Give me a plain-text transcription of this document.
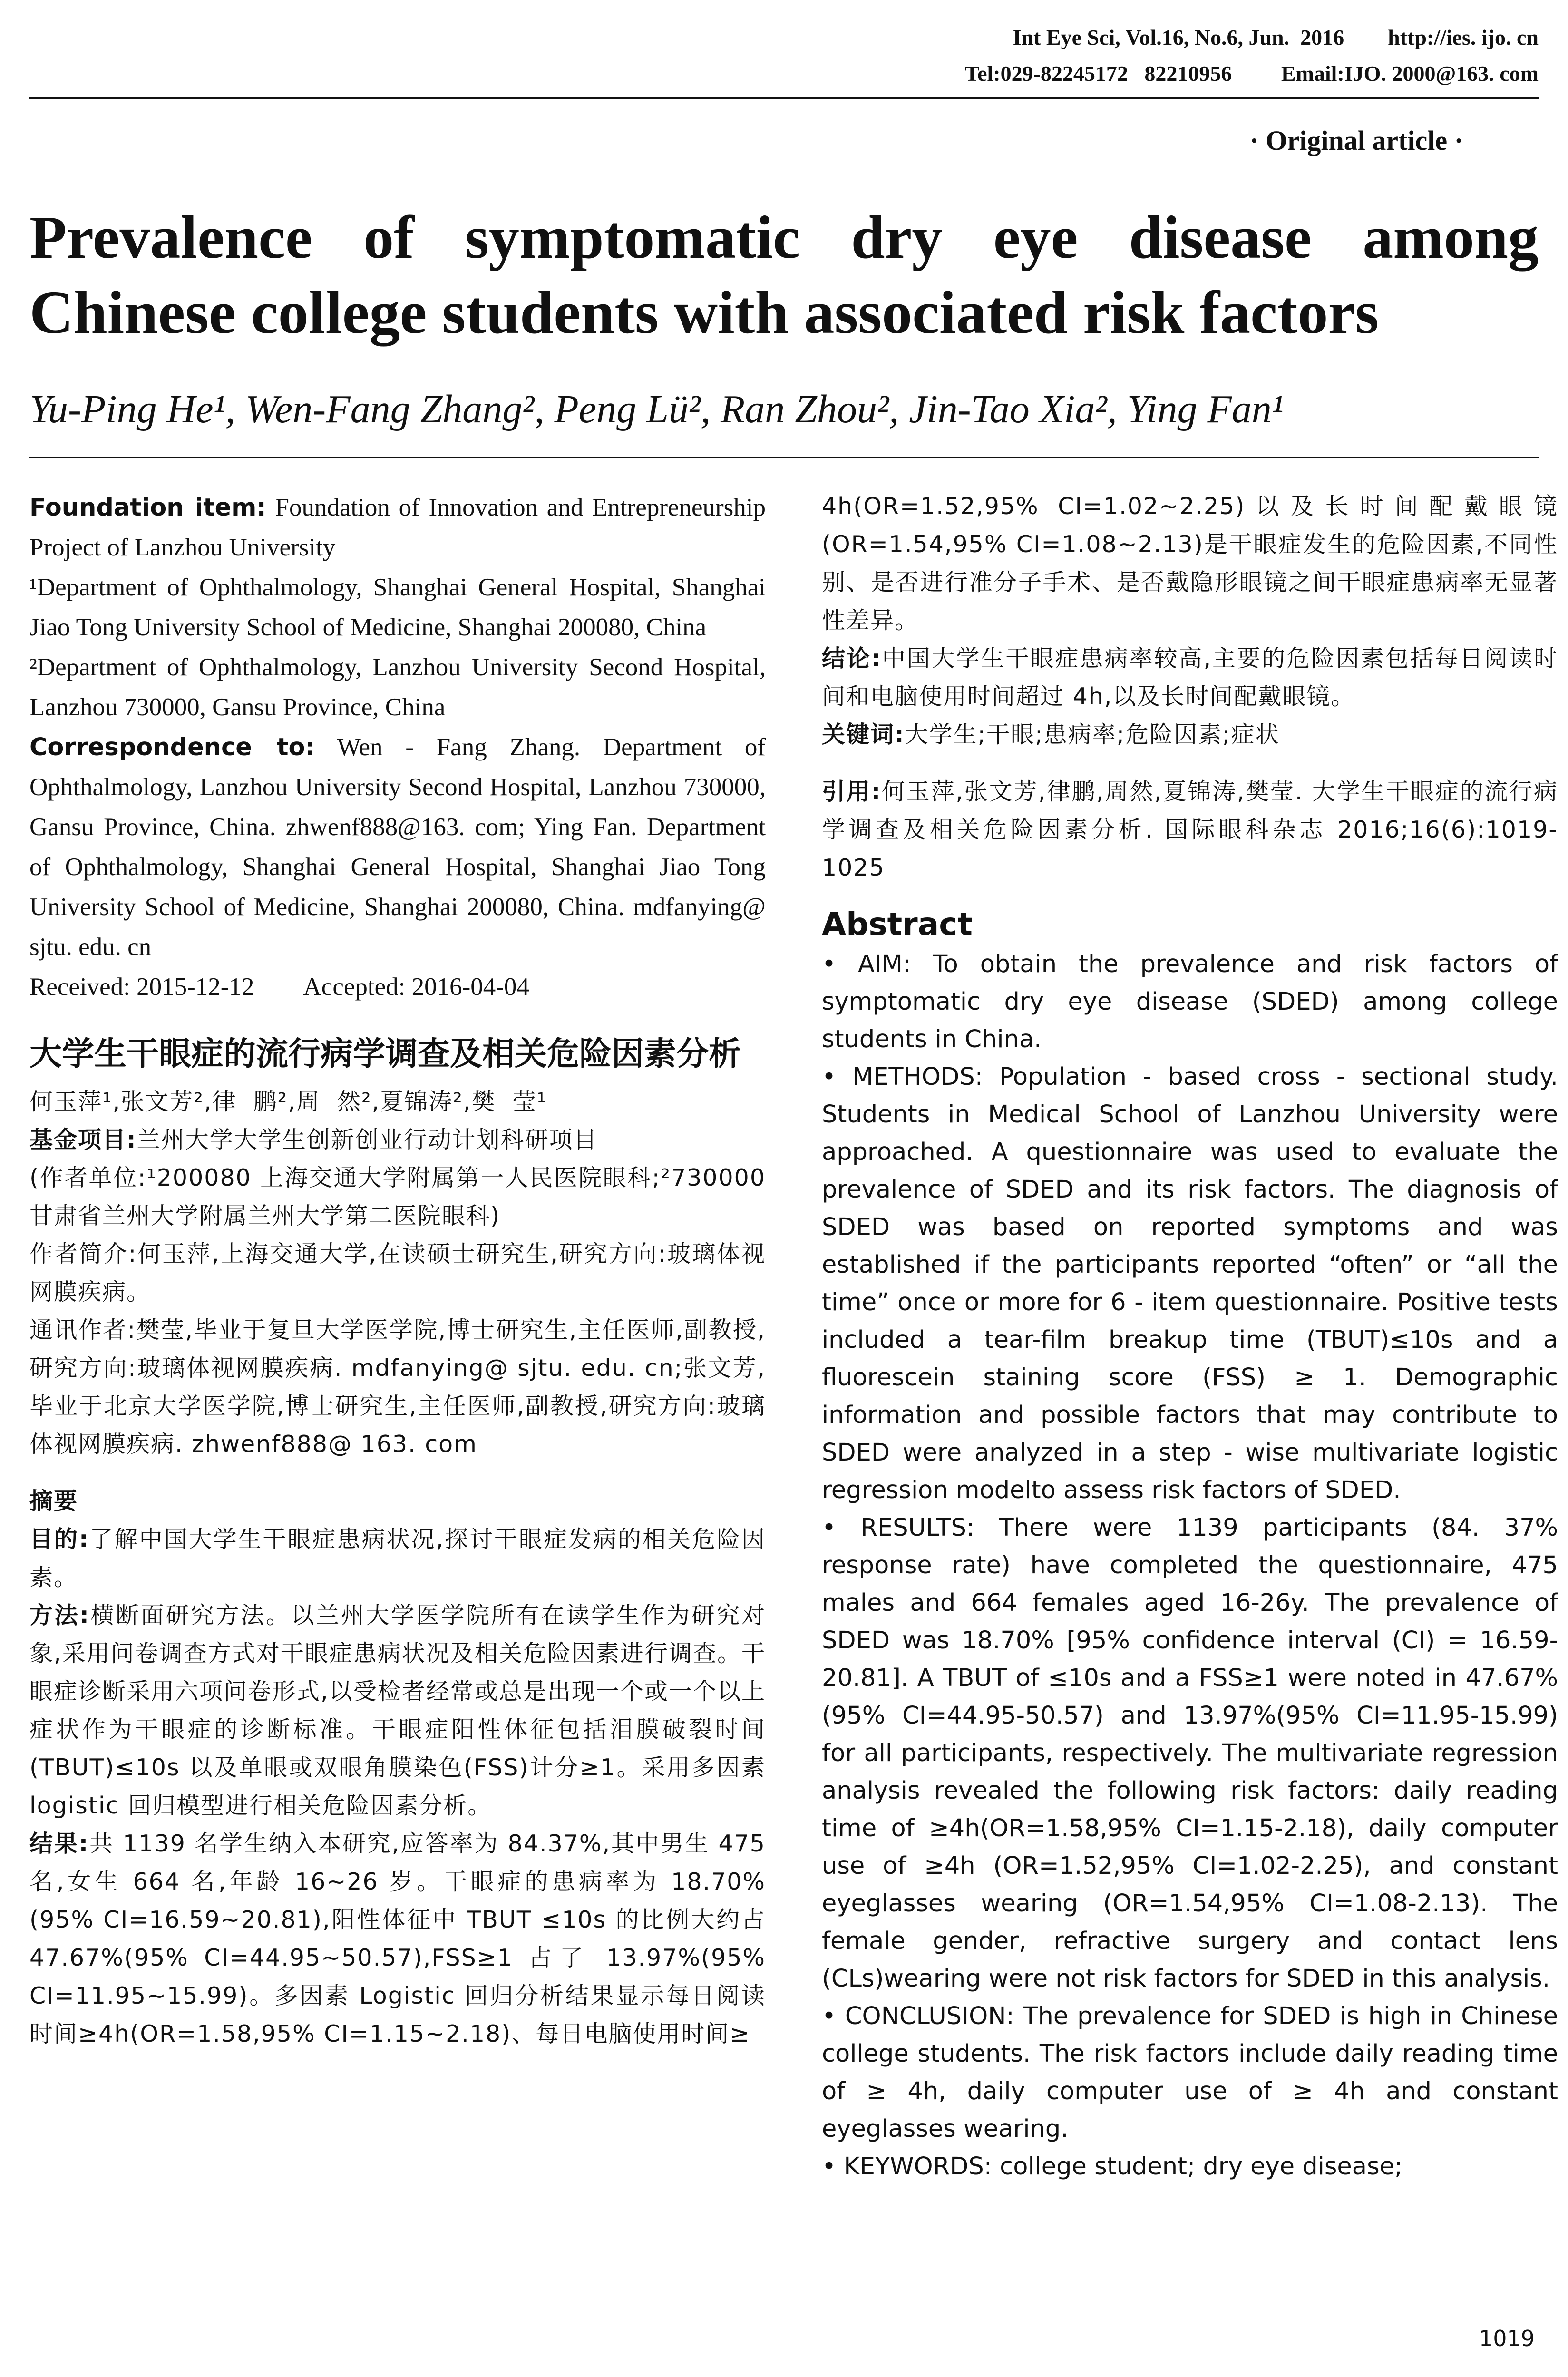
Int Eye Sci, Vol.16, No.6, Jun.  2016        http://ies. ijo. cn
Tel:029-82245172   82210956         Email:IJO. 2000@163. com
· Original article ·
Prevalence of symptomatic dry eye disease among
Chinese college students with associated risk factors
Yu-Ping He¹, Wen-Fang Zhang², Peng Lü², Ran Zhou², Jin-Tao Xia², Ying Fan¹

Foundation item: Foundation of Innovation and Entrepreneurship Project of Lanzhou University

¹Department of Ophthalmology, Shanghai General Hospital, Shanghai Jiao Tong University School of Medicine, Shanghai 200080, China

²Department of Ophthalmology, Lanzhou University Second Hospital, Lanzhou 730000, Gansu Province, China

Correspondence to: Wen - Fang Zhang. Department of Ophthalmology, Lanzhou University Second Hospital, Lanzhou 730000, Gansu Province, China. zhwenf888@163. com; Ying Fan. Department of Ophthalmology, Shanghai General Hospital, Shanghai Jiao Tong University School of Medicine, Shanghai 200080, China. mdfanying@ sjtu. edu. cn

Received: 2015-12-12        Accepted: 2016-04-04

大学生干眼症的流行病学调查及相关危险因素分析

何玉萍¹,张文芳²,律  鹏²,周  然²,夏锦涛²,樊  莹¹

基金项目:兰州大学大学生创新创业行动计划科研项目

(作者单位:¹200080 上海交通大学附属第一人民医院眼科;²730000 甘肃省兰州大学附属兰州大学第二医院眼科)

作者简介:何玉萍,上海交通大学,在读硕士研究生,研究方向:玻璃体视网膜疾病。

通讯作者:樊莹,毕业于复旦大学医学院,博士研究生,主任医师,副教授,研究方向:玻璃体视网膜疾病. mdfanying@ sjtu. edu. cn;张文芳,毕业于北京大学医学院,博士研究生,主任医师,副教授,研究方向:玻璃体视网膜疾病. zhwenf888@ 163. com

摘要

目的:了解中国大学生干眼症患病状况,探讨干眼症发病的相关危险因素。

方法:横断面研究方法。以兰州大学医学院所有在读学生作为研究对象,采用问卷调查方式对干眼症患病状况及相关危险因素进行调查。干眼症诊断采用六项问卷形式,以受检者经常或总是出现一个或一个以上症状作为干眼症的诊断标准。干眼症阳性体征包括泪膜破裂时间(TBUT)≤10s 以及单眼或双眼角膜染色(FSS)计分≥1。采用多因素 logistic 回归模型进行相关危险因素分析。

结果:共 1139 名学生纳入本研究,应答率为 84.37%,其中男生 475 名,女生 664 名,年龄 16~26 岁。干眼症的患病率为 18.70%(95% CI=16.59~20.81),阳性体征中 TBUT ≤10s 的比例大约占 47.67%(95% CI=44.95~50.57),FSS≥1 占了 13.97%(95% CI=11.95~15.99)。多因素 Logistic 回归分析结果显示每日阅读时间≥4h(OR=1.58,95% CI=1.15~2.18)、每日电脑使用时间≥

4h(OR=1.52,95% CI=1.02~2.25)以及长时间配戴眼镜(OR=1.54,95% CI=1.08~2.13)是干眼症发生的危险因素,不同性别、是否进行准分子手术、是否戴隐形眼镜之间干眼症患病率无显著性差异。

结论:中国大学生干眼症患病率较高,主要的危险因素包括每日阅读时间和电脑使用时间超过 4h,以及长时间配戴眼镜。

关键词:大学生;干眼;患病率;危险因素;症状

引用:何玉萍,张文芳,律鹏,周然,夏锦涛,樊莹. 大学生干眼症的流行病学调查及相关危险因素分析. 国际眼科杂志 2016;16(6):1019-1025

Abstract

• AIM: To obtain the prevalence and risk factors of symptomatic dry eye disease (SDED) among college students in China.

• METHODS: Population - based cross - sectional study. Students in Medical School of Lanzhou University were approached. A questionnaire was used to evaluate the prevalence of SDED and its risk factors. The diagnosis of SDED was based on reported symptoms and was established if the participants reported “often” or “all the time” once or more for 6 - item questionnaire. Positive tests included a tear-film breakup time (TBUT)≤10s and a fluorescein staining score (FSS) ≥ 1. Demographic information and possible factors that may contribute to SDED were analyzed in a step - wise multivariate logistic regression modelto assess risk factors of SDED.

• RESULTS: There were 1139 participants (84. 37% response rate) have completed the questionnaire, 475 males and 664 females aged 16-26y. The prevalence of SDED was 18.70% [95% confidence interval (CI) = 16.59-20.81]. A TBUT of ≤10s and a FSS≥1 were noted in 47.67%(95% CI=44.95-50.57) and 13.97%(95% CI=11.95-15.99) for all participants, respectively. The multivariate regression analysis revealed the following risk factors: daily reading time of ≥4h(OR=1.58,95% CI=1.15-2.18), daily computer use of ≥4h (OR=1.52,95% CI=1.02-2.25), and constant eyeglasses wearing (OR=1.54,95% CI=1.08-2.13). The female gender, refractive surgery and contact lens (CLs)wearing were not risk factors for SDED in this analysis.

• CONCLUSION: The prevalence for SDED is high in Chinese college students. The risk factors include daily reading time of ≥ 4h, daily computer use of ≥ 4h and constant eyeglasses wearing.

• KEYWORDS: college student; dry eye disease;

1019
